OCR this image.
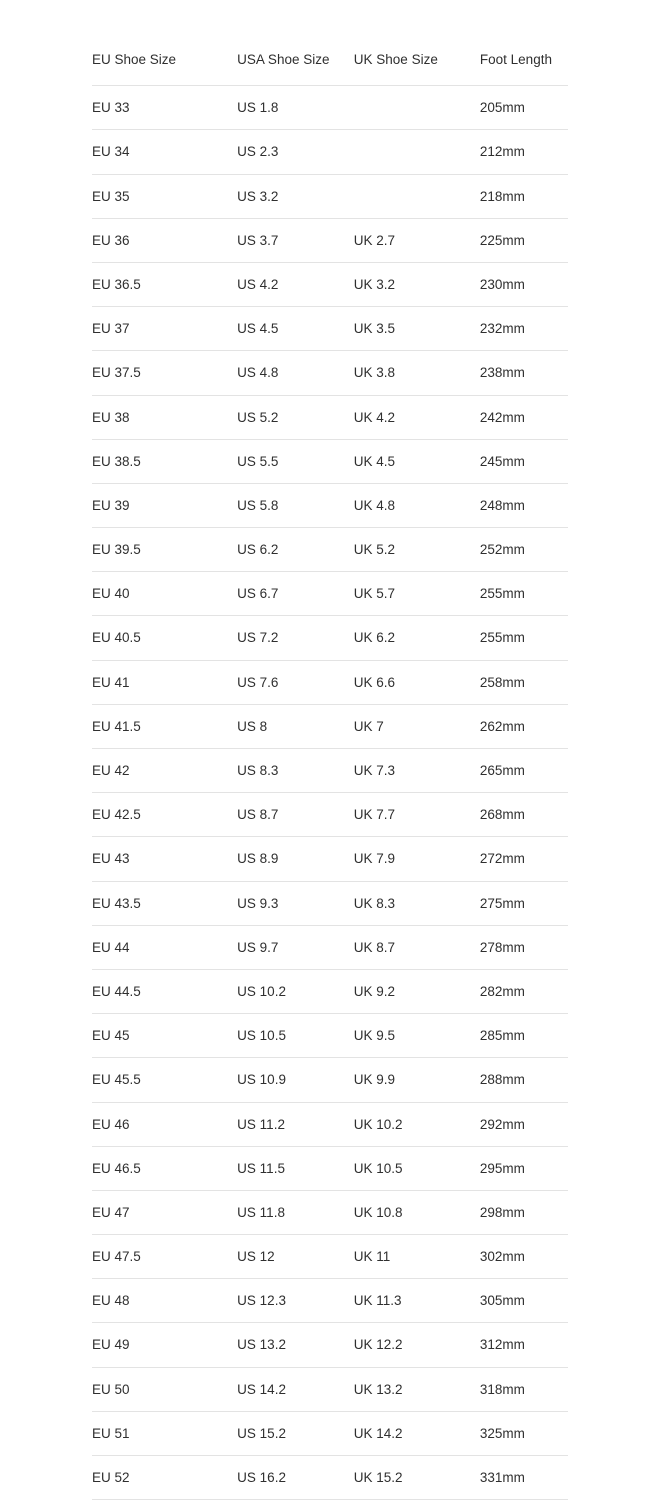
EU Shoe Size	USA Shoe Size	UK Shoe Size	Foot Length
EU 33	US 1.8		205mm
EU 34	US 2.3		212mm
EU 35	US 3.2		218mm
EU 36	US 3.7	UK 2.7	225mm
EU 36.5	US 4.2	UK 3.2	230mm
EU 37	US 4.5	UK 3.5	232mm
EU 37.5	US 4.8	UK 3.8	238mm
EU 38	US 5.2	UK 4.2	242mm
EU 38.5	US 5.5	UK 4.5	245mm
EU 39	US 5.8	UK 4.8	248mm
EU 39.5	US 6.2	UK 5.2	252mm
EU 40	US 6.7	UK 5.7	255mm
EU 40.5	US 7.2	UK 6.2	255mm
EU 41	US 7.6	UK 6.6	258mm
EU 41.5	US 8	UK 7	262mm
EU 42	US 8.3	UK 7.3	265mm
EU 42.5	US 8.7	UK 7.7	268mm
EU 43	US 8.9	UK 7.9	272mm
EU 43.5	US 9.3	UK 8.3	275mm
EU 44	US 9.7	UK 8.7	278mm
EU 44.5	US 10.2	UK 9.2	282mm
EU 45	US 10.5	UK 9.5	285mm
EU 45.5	US 10.9	UK 9.9	288mm
EU 46	US 11.2	UK 10.2	292mm
EU 46.5	US 11.5	UK 10.5	295mm
EU 47	US 11.8	UK 10.8	298mm
EU 47.5	US 12	UK 11	302mm
EU 48	US 12.3	UK 11.3	305mm
EU 49	US 13.2	UK 12.2	312mm
EU 50	US 14.2	UK 13.2	318mm
EU 51	US 15.2	UK 14.2	325mm
EU 52	US 16.2	UK 15.2	331mm
